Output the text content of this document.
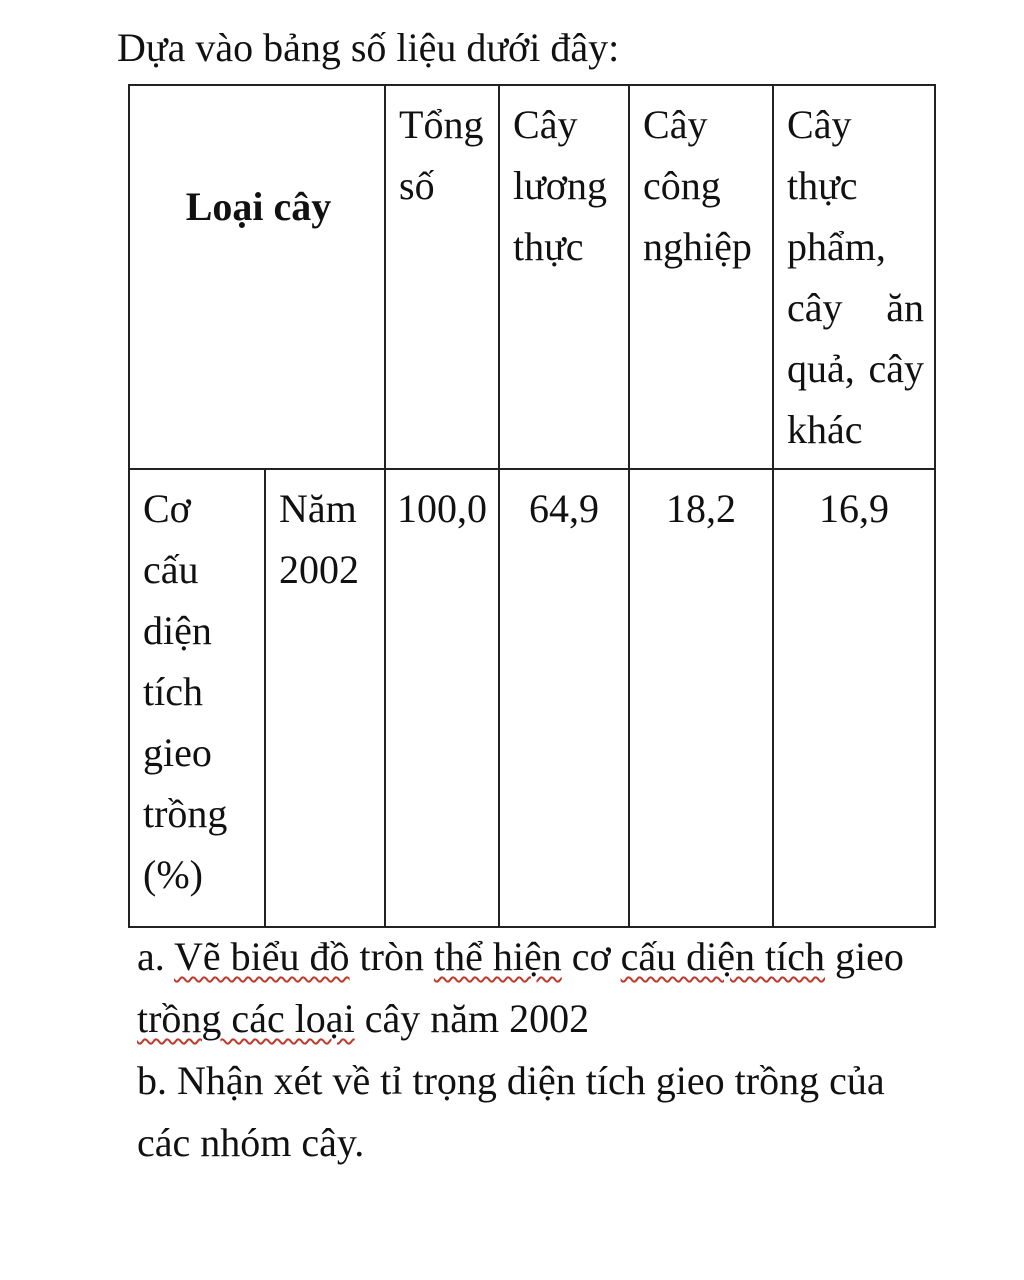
Dựa vào bảng số liệu dưới đây:
Loại cây		Tổng số	Cây lương thực	Cây công nghiệp	Cây thực phẩm, cây ăn quả, cây khác

Cơ cấu diện tích gieo trồng (%)	Năm 2002	100,0	64,9	18,2	16,9

a. Vẽ biểu đồ tròn thể hiện cơ cấu diện tích gieo trồng các loại cây năm 2002

b. Nhận xét về tỉ trọng diện tích gieo trồng của các nhóm cây.
